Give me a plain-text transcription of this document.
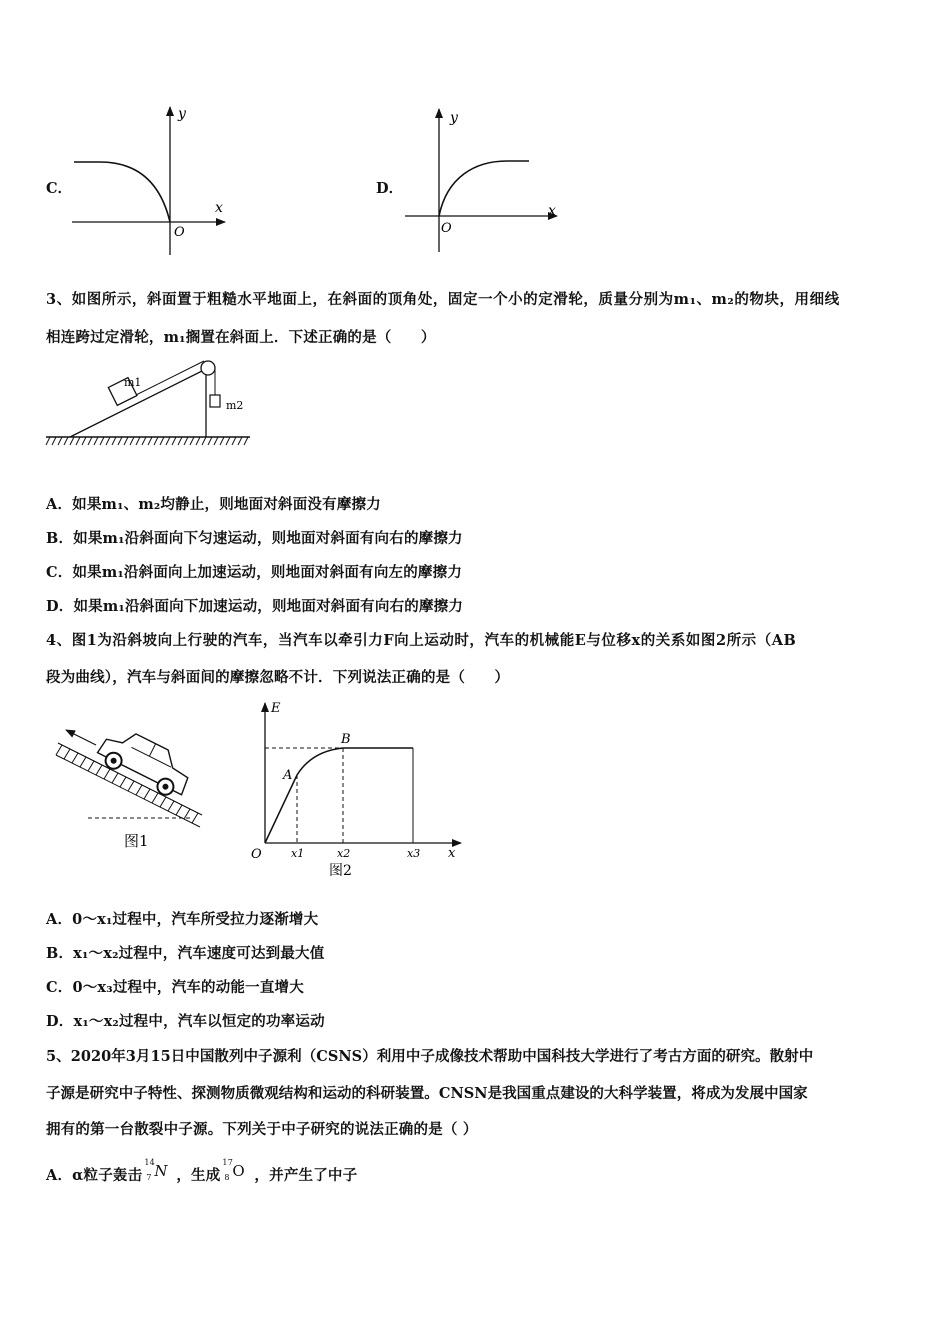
C．
y
x
O
D．
y
x
O
3、如图所示，斜面置于粗糙水平地面上，在斜面的顶角处，固定一个小的定滑轮，质量分别为m₁、m₂的物块，用细线
相连跨过定滑轮，m₁搁置在斜面上．下述正确的是（　　）
m1
m2
A．如果m₁、m₂均静止，则地面对斜面没有摩擦力
B．如果m₁沿斜面向下匀速运动，则地面对斜面有向右的摩擦力
C．如果m₁沿斜面向上加速运动，则地面对斜面有向左的摩擦力
D．如果m₁沿斜面向下加速运动，则地面对斜面有向右的摩擦力
4、图1为沿斜坡向上行驶的汽车，当汽车以牵引力F向上运动时，汽车的机械能E与位移x的关系如图2所示（AB
段为曲线），汽车与斜面间的摩擦忽略不计．下列说法正确的是（　　）
图1
E
A
B
O	x
x1	x2	x3
图2
A．0～x₁过程中，汽车所受拉力逐渐增大
B．x₁～x₂过程中，汽车速度可达到最大值
C．0～x₃过程中，汽车的动能一直增大
D．x₁～x₂过程中，汽车以恒定的功率运动
5、2020年3月15日中国散列中子源利（CSNS）利用中子成像技术帮助中国科技大学进行了考古方面的研究。散射中
子源是研究中子特性、探测物质微观结构和运动的科研装置。CNSN是我国重点建设的大科学装置，将成为发展中国家
拥有的第一台散裂中子源。下列关于中子研究的说法正确的是（ ）
A．α粒子轰击
14
7 N ，生成
17
8 O ，并产生了中子
